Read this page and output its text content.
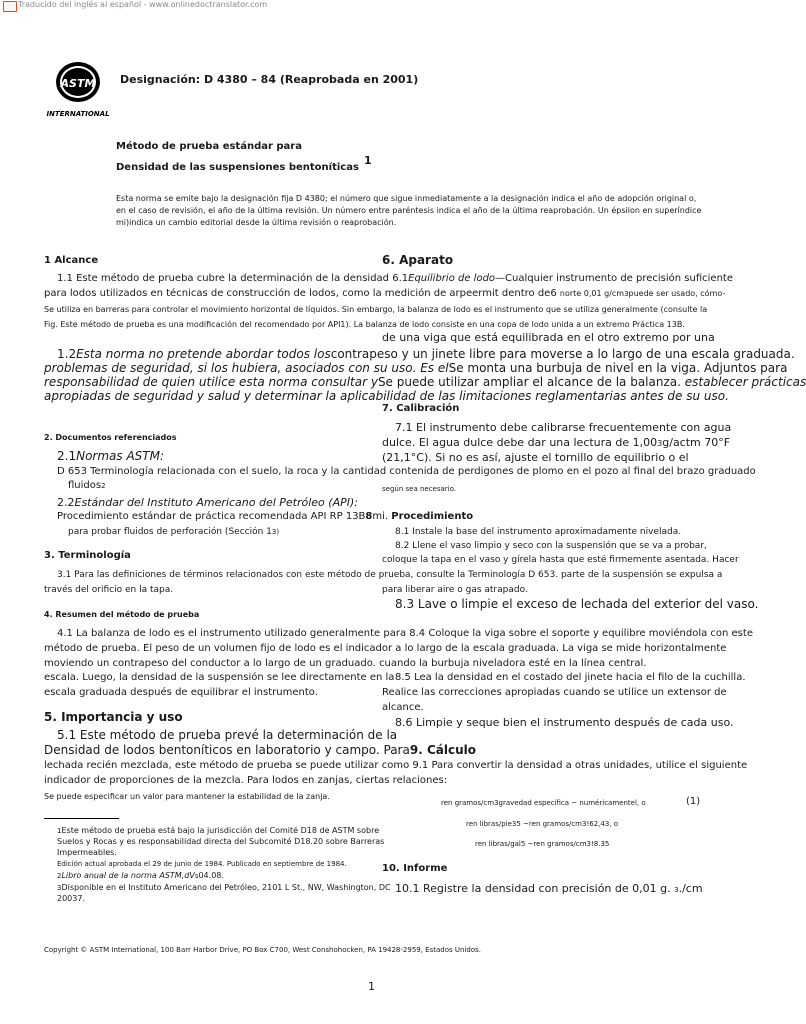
Traducido del inglés al español - www.onlinedoctranslator.com
ASTM
INTERNATIONAL
Designación: D 4380 – 84 (Reaprobada en 2001)
Método de prueba estándar para
Densidad de las suspensiones bentoníticas
1
Esta norma se emite bajo la designación fija D 4380; el número que sigue inmediatamente a la designación indica el año de adopción original o,
en el caso de revisión, el año de la última revisión. Un número entre paréntesis indica el año de la última reaprobación. Un épsilon en superíndice
mi)indica un cambio editorial desde la última revisión o reaprobación.
1 Alcance	6. Aparato
1.1 Este método de prueba cubre la determinación de la densidad 6.1Equilibrio de lodo—Cualquier instrumento de precisión suficiente
para lodos utilizados en técnicas de construcción de lodos, como la medición de arpeermit dentro de6 norte 0,01 g/cm3puede ser usado, cómo-
Se utiliza en barreras para controlar el movimiento horizontal de líquidos. Sin embargo, la balanza de lodo es el instrumento que se utiliza generalmente (consulte la
Fig. Este método de prueba es una modificación del recomendado por API1). La balanza de lodo consiste en una copa de lodo unida a un extremo Práctica 13B.
de una viga que está equilibrada en el otro extremo por una
1.2Esta norma no pretende abordar todos loscontrapeso y un jinete libre para moverse a lo largo de una escala graduada.
problemas de seguridad, si los hubiera, asociados con su uso. Es elSe monta una burbuja de nivel en la viga. Adjuntos para
responsabilidad de quien utilice esta norma consultar ySe puede utilizar ampliar el alcance de la balanza. establecer prácticas
apropiadas de seguridad y salud y determinar la aplicabilidad de las limitaciones reglamentarias antes de su uso.
7. Calibración
7.1 El instrumento debe calibrarse frecuentemente con agua
dulce. El agua dulce debe dar una lectura de 1,003g/actm 70°F
(21,1°C). Si no es así, ajuste el tornillo de equilibrio o el
según sea necesario.
2. Documentos referenciados
2.1Normas ASTM:
D 653 Terminología relacionada con el suelo, la roca y la cantidad contenida de perdigones de plomo en el pozo al final del brazo graduado
fluidos2
2.2Estándar del Instituto Americano del Petróleo (API):
Procedimiento estándar de práctica recomendada API RP 13B8mi. Procedimiento
para probar fluidos de perforación (Sección 13)	8.1 Instale la base del instrumento aproximadamente nivelada.
8.2 Llene el vaso limpio y seco con la suspensión que se va a probar,
coloque la tapa en el vaso y gírela hasta que esté firmemente asentada. Hacer
3. Terminología
3.1 Para las definiciones de términos relacionados con este método de prueba, consulte la Terminología D 653. parte de la suspensión se expulsa a
través del orificio en la tapa.	para liberar aire o gas atrapado.
8.3 Lave o limpie el exceso de lechada del exterior del vaso.
4. Resumen del método de prueba
4.1 La balanza de lodo es el instrumento utilizado generalmente para 8.4 Coloque la viga sobre el soporte y equilibre moviéndola con este
método de prueba. El peso de un volumen fijo de lodo es el indicador a lo largo de la escala graduada. La viga se mide horizontalmente
moviendo un contrapeso del conductor a lo largo de un graduado. cuando la burbuja niveladora esté en la línea central.
escala. Luego, la densidad de la suspensión se lee directamente en la 8.5 Lea la densidad en el costado del jinete hacia el filo de la cuchilla.
escala graduada después de equilibrar el instrumento.	Realice las correcciones apropiadas cuando se utilice un extensor de
alcance.
5. Importancia y uso	8.6 Limpie y seque bien el instrumento después de cada uso.
5.1 Este método de prueba prevé la determinación de la
Densidad de lodos bentoníticos en laboratorio y campo. Para9. Cálculo
lechada recién mezclada, este método de prueba se puede utilizar como 9.1 Para convertir la densidad a otras unidades, utilice el siguiente
indicador de proporciones de la mezcla. Para lodos en zanjas, ciertas relaciones:
Se puede especificar un valor para mantener la estabilidad de la zanja.
ren gramos/cm3gravedad específica ~ numéricamentel, o	(1)
ren libras/pie35 ~ren gramos/cm3!62,43, o
ren libras/gal5 ~ren gramos/cm3!8.35
1Este método de prueba está bajo la jurisdicción del Comité D18 de ASTM sobre
Suelos y Rocas y es responsabilidad directa del Subcomité D18.20 sobre Barreras
Impermeables.
Edición actual aprobada el 29 de junio de 1984. Publicado en septiembre de 1984.
2Libro anual de la norma ASTM,dVs04.08.
3Disponible en el Instituto Americano del Petróleo, 2101 L St., NW, Washington, DC
20037.
10. Informe
10.1 Registre la densidad con precisión de 0,01 g. 3./cm
Copyright © ASTM International, 100 Barr Harbor Drive, PO Box C700, West Conshohocken, PA 19428-2959, Estados Unidos.
1
